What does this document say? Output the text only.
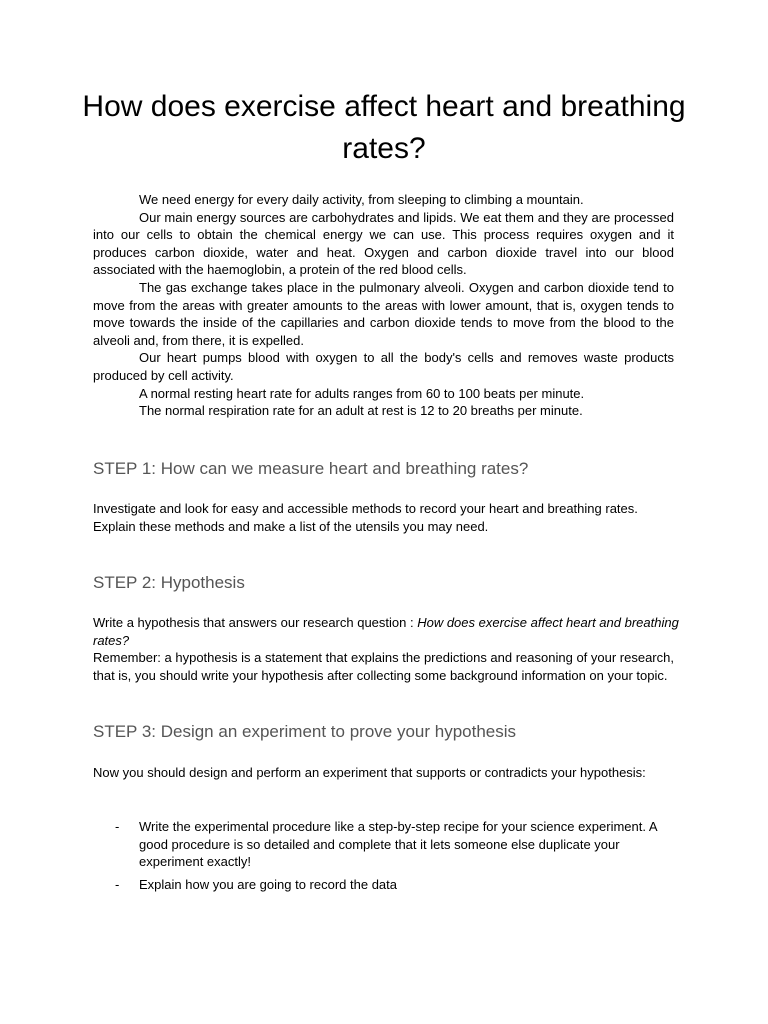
How does exercise affect heart and breathing rates?

We need energy for every daily activity, from sleeping to climbing a mountain.

Our main energy sources are carbohydrates and lipids. We eat them and they are processed into our cells to obtain the chemical energy we can use. This process requires oxygen and it produces carbon dioxide, water and heat. Oxygen and carbon dioxide travel into our blood associated with the haemoglobin, a protein of the red blood cells.

The gas exchange takes place in the pulmonary alveoli. Oxygen and carbon dioxide tend to move from the areas with greater amounts to the areas with lower amount, that is, oxygen tends to move towards the inside of the capillaries and carbon dioxide tends to move from the blood to the alveoli and, from there, it is expelled.

Our heart pumps blood with oxygen to all the body's cells and removes waste products produced by cell activity.

A normal resting heart rate for adults ranges from 60 to 100 beats per minute.

The normal respiration rate for an adult at rest is 12 to 20 breaths per minute.

STEP 1: How can we measure heart and breathing rates?

Investigate and look for easy and accessible methods to record your heart and breathing rates.

Explain these methods and make a list of the utensils you may need.

STEP 2: Hypothesis

Write a hypothesis that answers our research question : How does exercise affect heart and breathing rates?

Remember: a hypothesis is a statement that explains the predictions and reasoning of your research, that is, you should write your hypothesis after collecting some background information on your topic.

STEP 3: Design an experiment to prove your hypothesis
Now you should design and perform an experiment that supports or contradicts your hypothesis:
- Write the experimental procedure like a step-by-step recipe for your science experiment. A good procedure is so detailed and complete that it lets someone else duplicate your experiment exactly!
- Explain how you are going to record the data
